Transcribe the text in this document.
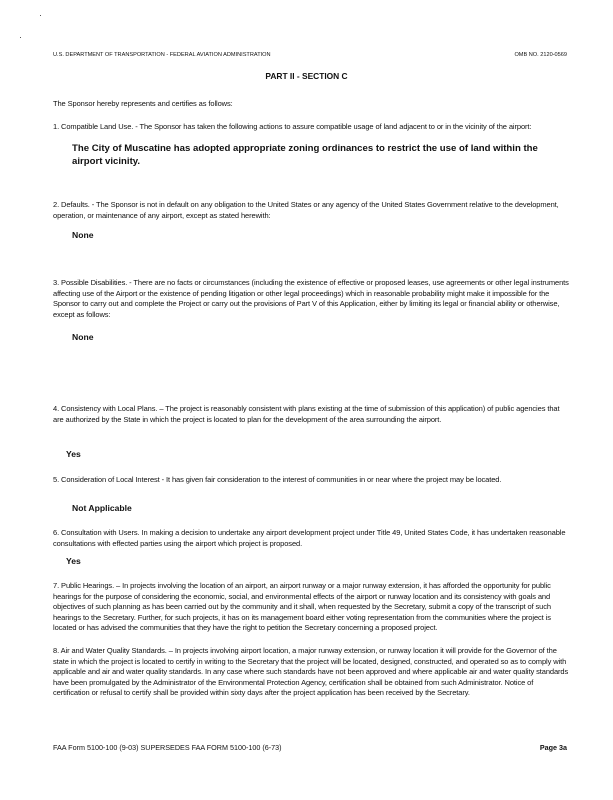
U.S. DEPARTMENT OF TRANSPORTATION - FEDERAL AVIATION ADMINISTRATION	OMB NO. 2120-0569
PART II - SECTION C

The Sponsor hereby represents and certifies as follows:

1. Compatible Land Use. - The Sponsor has taken the following actions to assure compatible usage of land adjacent to or in the vicinity of the airport:

The City of Muscatine has adopted appropriate zoning ordinances to restrict the use of land within the airport vicinity.

2. Defaults. - The Sponsor is not in default on any obligation to the United States or any agency of the United States Government relative to the development, operation, or maintenance of any airport, except as stated herewith:

None

3. Possible Disabilities. - There are no facts or circumstances (including the existence of effective or proposed leases, use agreements or other legal instruments affecting use of the Airport or the existence of pending litigation or other legal proceedings) which in reasonable probability might make it impossible for the Sponsor to carry out and complete the Project or carry out the provisions of Part V of this Application, either by limiting its legal or financial ability or otherwise, except as follows:

None

4. Consistency with Local Plans. – The project is reasonably consistent with plans existing at the time of submission of this application) of public agencies that are authorized by the State in which the project is located to plan for the development of the area surrounding the airport.

Yes

5. Consideration of Local Interest - It has given fair consideration to the interest of communities in or near where the project may be located.

Not Applicable

6. Consultation with Users. In making a decision to undertake any airport development project under Title 49, United States Code, it has undertaken reasonable consultations with effected parties using the airport which project is proposed.

Yes

7. Public Hearings. – In projects involving the location of an airport, an airport runway or a major runway extension, it has afforded the opportunity for public hearings for the purpose of considering the economic, social, and environmental effects of the airport or runway location and its consistency with goals and objectives of such planning as has been carried out by the community and it shall, when requested by the Secretary, submit a copy of the transcript of such hearings to the Secretary. Further, for such projects, it has on its management board either voting representation from the communities where the project is located or has advised the communities that they have the right to petition the Secretary concerning a proposed project.

8. Air and Water Quality Standards. – In projects involving airport location, a major runway extension, or runway location it will provide for the Governor of the state in which the project is located to certify in writing to the Secretary that the project will be located, designed, constructed, and operated so as to comply with applicable and air and water quality standards. In any case where such standards have not been approved and where applicable air and water quality standards have been promulgated by the Administrator of the Environmental Protection Agency, certification shall be obtained from such Administrator. Notice of certification or refusal to certify shall be provided within sixty days after the project application has been received by the Secretary.

FAA Form 5100-100 (9-03) SUPERSEDES FAA FORM 5100-100 (6-73)	Page 3a
